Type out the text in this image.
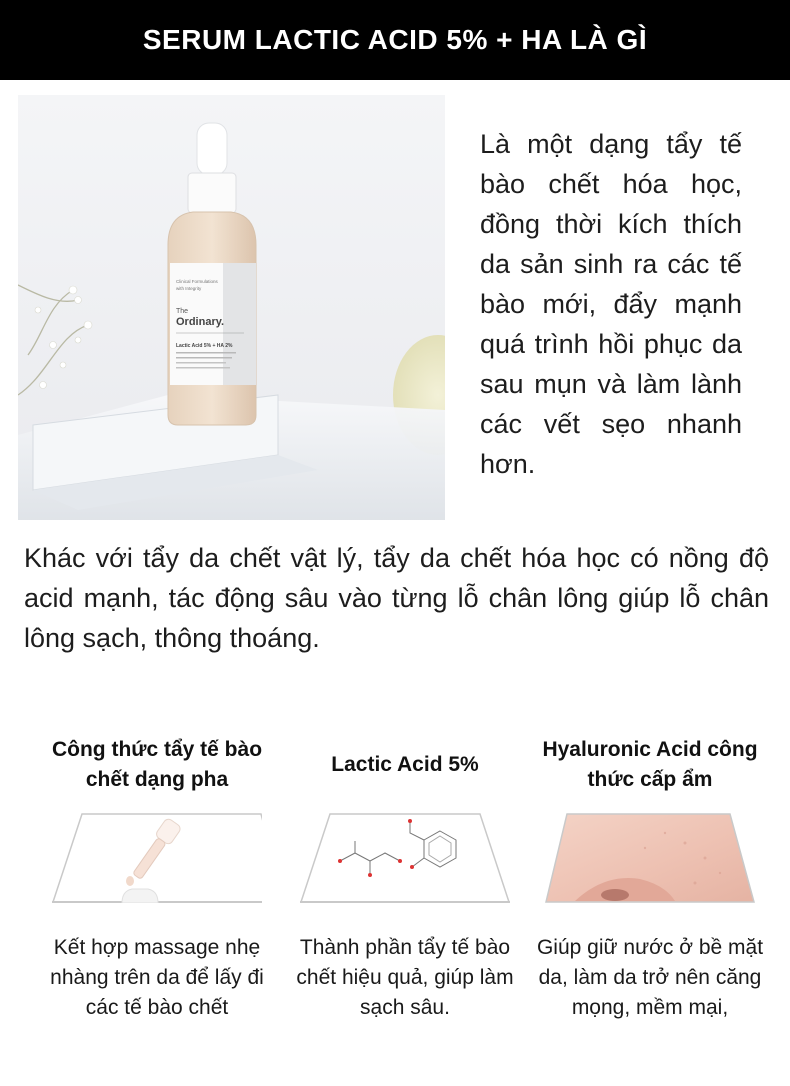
SERUM LACTIC ACID 5% + HA LÀ GÌ
Clinical Formulations
with Integrity
The
Ordinary.
Lactic Acid 5% + HA 2%
Là một dạng tẩy tế bào chết hóa học, đồng thời kích thích da sản sinh ra các tế bào mới, đẩy mạnh quá trình hồi phục da sau mụn và làm lành các vết sẹo nhanh hơn.
Khác với tẩy da chết vật lý, tẩy da chết hóa học có nồng độ acid mạnh, tác động sâu vào từng lỗ chân lông giúp lỗ chân lông sạch, thông thoáng.
Công thức tẩy tế bào chết dạng pha
Kết hợp massage nhẹ nhàng trên da để lấy đi các tế bào chết
Lactic Acid 5%
Thành phần tẩy tế bào chết hiệu quả, giúp làm sạch sâu.
Hyaluronic Acid công thức cấp ẩm
Giúp giữ nước ở bề mặt da, làm da trở nên căng mọng, mềm mại,
